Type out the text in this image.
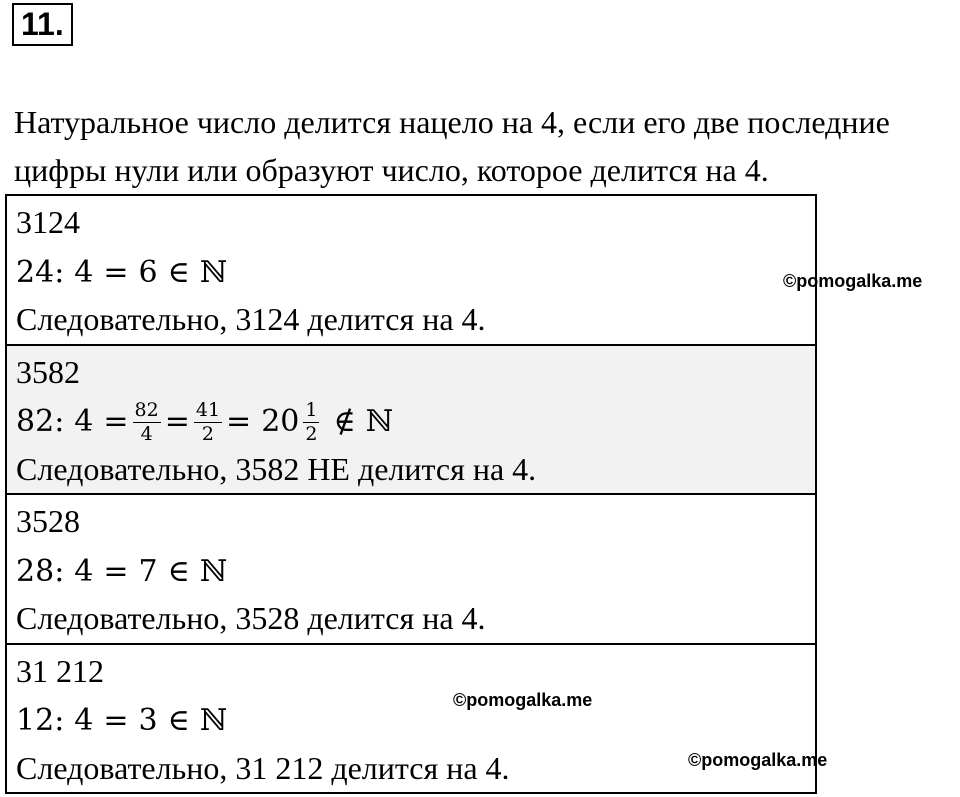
11.
Натуральное число делится нацело на 4, если его две последние
цифры нули или образуют число, которое делится на 4.
3124
24 : 4 = 6 ∈ ℕ
Следовательно, 3124 делится на 4.
3582
82 : $4 = \frac{82}{4} = \frac{41}{2} = 20 \frac{1}{2}$ ∉ ℕ
Следовательно, 3582 НЕ делится на 4.
3528
28 : 4 = 7 ∈ ℕ
Следовательно, 3528 делится на 4.
31 212
12 : 4 = 3 ∈ ℕ
Следовательно, 31 212 делится на 4.
©pomogalka.me
©pomogalka.me
©pomogalka.me
